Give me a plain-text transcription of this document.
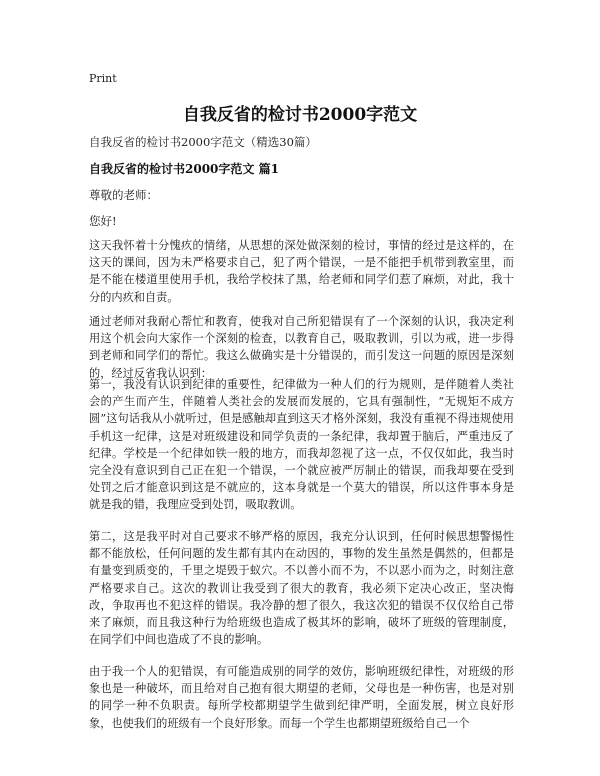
Print
自我反省的检讨书2000字范文
自我反省的检讨书2000字范文（精选30篇）
自我反省的检讨书2000字范文 篇1
尊敬的老师：
您好!
这天我怀着十分愧疚的情绪，从思想的深处做深刻的检讨，事情的经过是这样的，在这天的课间，因为未严格要求自己，犯了两个错误，一是不能把手机带到教室里，而是不能在楼道里使用手机，我给学校抹了黑，给老师和同学们惹了麻烦，对此，我十分的内疚和自责。
通过老师对我耐心帮忙和教育，使我对自己所犯错误有了一个深刻的认识，我决定利用这个机会向大家作一个深刻的检查，以教育自己，吸取教训，引以为戒，进一步得到老师和同学们的帮忙。我这么做确实是十分错误的，而引发这一问题的原因是深刻的，经过反省我认识到：
第一，我没有认识到纪律的重要性，纪律做为一种人们的行为规则，是伴随着人类社会的产生而产生，伴随着人类社会的发展而发展的，它具有强制性，“无规矩不成方圆”这句话我从小就听过，但是感触却直到这天才格外深刻，我没有重视不得违规使用手机这一纪律，这是对班级建设和同学负责的一条纪律，我却置于脑后，严重违反了纪律。学校是一个纪律如铁一般的地方，而我却忽视了这一点，不仅仅如此，我当时完全没有意识到自己正在犯一个错误，一个就应被严厉制止的错误，而我却要在受到处罚之后才能意识到这是不就应的，这本身就是一个莫大的错误，所以这件事本身是就是我的错，我理应受到处罚，吸取教训。
第二，这是我平时对自己要求不够严格的原因，我充分认识到，任何时候思想警惕性都不能放松，任何问题的发生都有其内在动因的，事物的发生虽然是偶然的，但都是有量变到质变的，千里之堤毁于蚁穴。不以善小而不为，不以恶小而为之，时刻注意严格要求自己。这次的教训让我受到了很大的教育，我必须下定决心改正，坚决悔改，争取再也不犯这样的错误。我冷静的想了很久，我这次犯的错误不仅仅给自己带来了麻烦，而且我这种行为给班级也造成了极其坏的影响，破坏了班级的管理制度，在同学们中间也造成了不良的影响。
由于我一个人的犯错误，有可能造成别的同学的效仿，影响班级纪律性，对班级的形象也是一种破坏，而且给对自己抱有很大期望的老师，父母也是一种伤害，也是对别的同学一种不负职责。每所学校都期望学生做到纪律严明，全面发展，树立良好形象，也使我们的班级有一个良好形象。而每一个学生也都期望班级给自己一个
